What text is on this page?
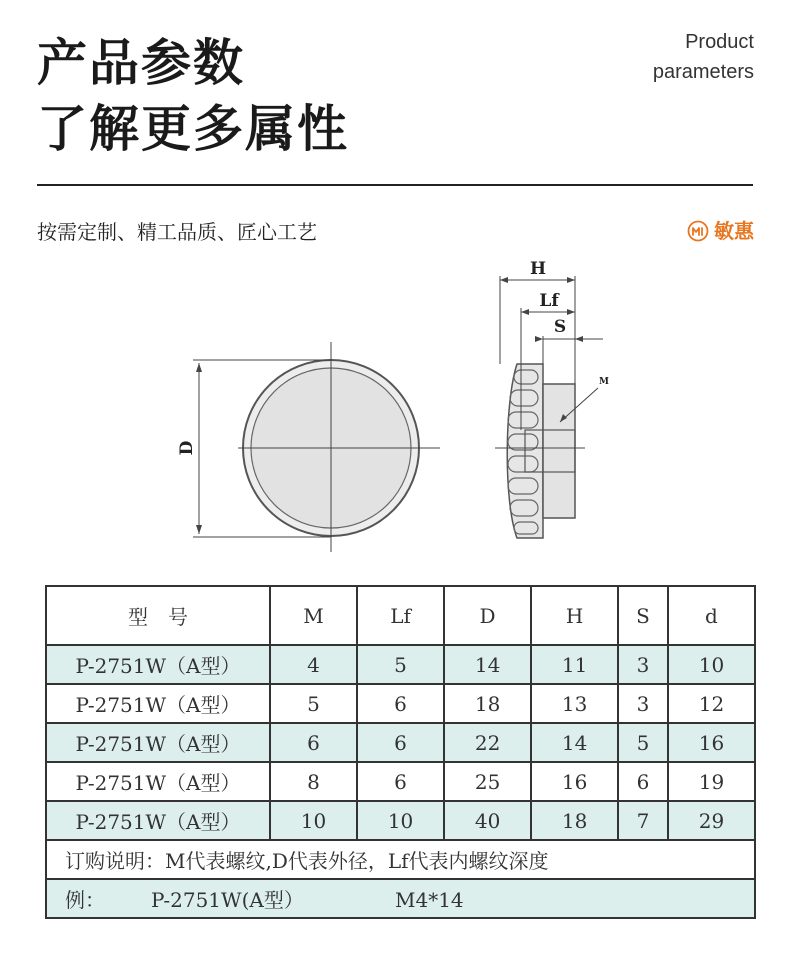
产品参数
了解更多属性
Product
parameters
按需定制、精工品质、匠心工艺	敏惠
D
H
Lf
S
M
型　号	M	Lf	D	H	S	d
P-2751W（A型）	4	5	14	11	3	10
P-2751W（A型）	5	6	18	13	3	12
P-2751W（A型）	6	6	22	14	5	16
P-2751W（A型）	8	6	25	16	6	19
P-2751W（A型）	10	10	40	18	7	29
订购说明：M代表螺纹,D代表外径，Lf代表内螺纹深度						
例： P-2751W(A型） M4*14						
